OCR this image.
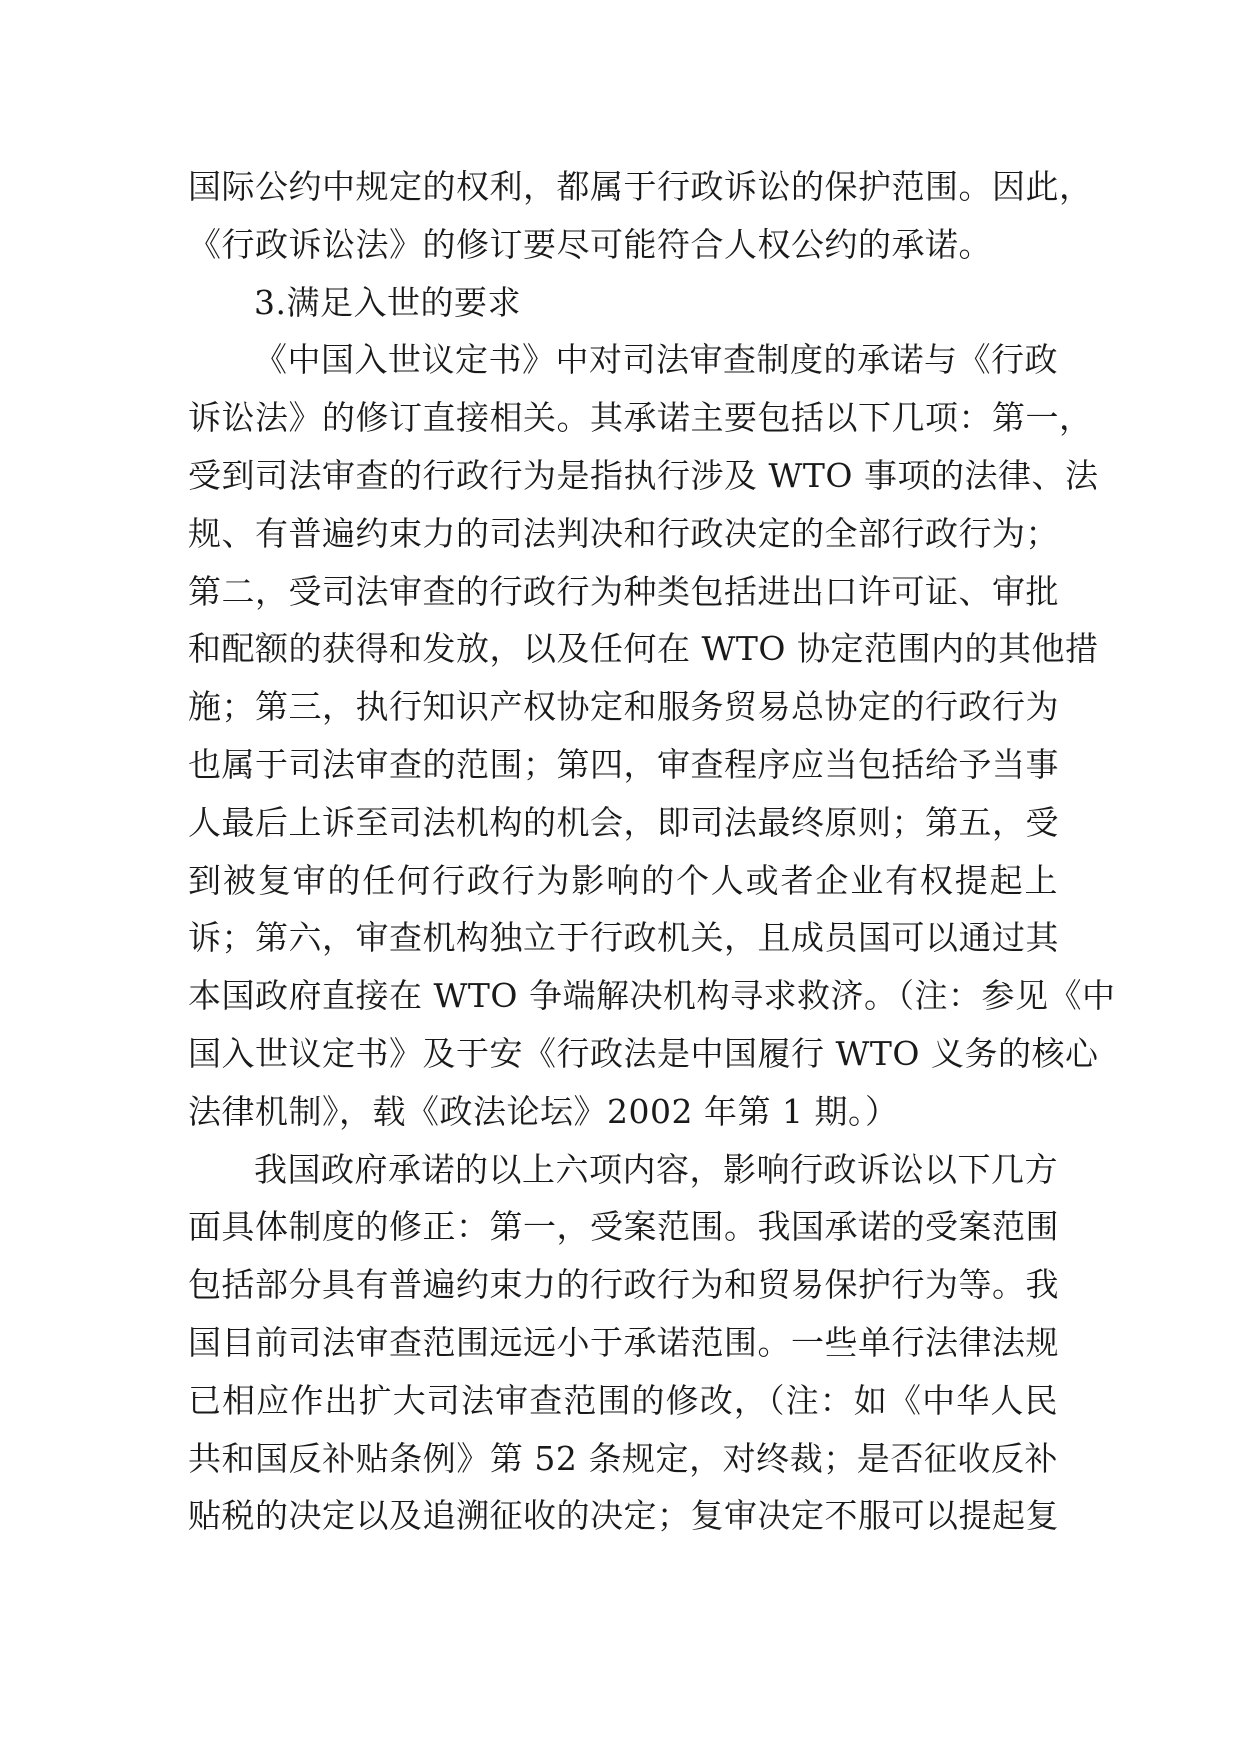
国际公约中规定的权利，都属于行政诉讼的保护范围。因此，
《行政诉讼法》的修订要尽可能符合人权公约的承诺。
3.满足入世的要求
《中国入世议定书》中对司法审查制度的承诺与《行政
诉讼法》的修订直接相关。其承诺主要包括以下几项：第一，
受到司法审查的行政行为是指执行涉及 WTO 事项的法律、法
规、有普遍约束力的司法判决和行政决定的全部行政行为；
第二，受司法审查的行政行为种类包括进出口许可证、审批
和配额的获得和发放，以及任何在 WTO 协定范围内的其他措
施；第三，执行知识产权协定和服务贸易总协定的行政行为
也属于司法审查的范围；第四，审查程序应当包括给予当事
人最后上诉至司法机构的机会，即司法最终原则；第五，受
到被复审的任何行政行为影响的个人或者企业有权提起上
诉；第六，审查机构独立于行政机关，且成员国可以通过其
本国政府直接在 WTO 争端解决机构寻求救济。（注：参见《中
国入世议定书》及于安《行政法是中国履行 WTO 义务的核心
法律机制》，载《政法论坛》2002 年第 1 期。）
我国政府承诺的以上六项内容，影响行政诉讼以下几方
面具体制度的修正：第一，受案范围。我国承诺的受案范围
包括部分具有普遍约束力的行政行为和贸易保护行为等。我
国目前司法审查范围远远小于承诺范围。一些单行法律法规
已相应作出扩大司法审查范围的修改，（注：如《中华人民
共和国反补贴条例》第 52 条规定，对终裁；是否征收反补
贴税的决定以及追溯征收的决定；复审决定不服可以提起复
